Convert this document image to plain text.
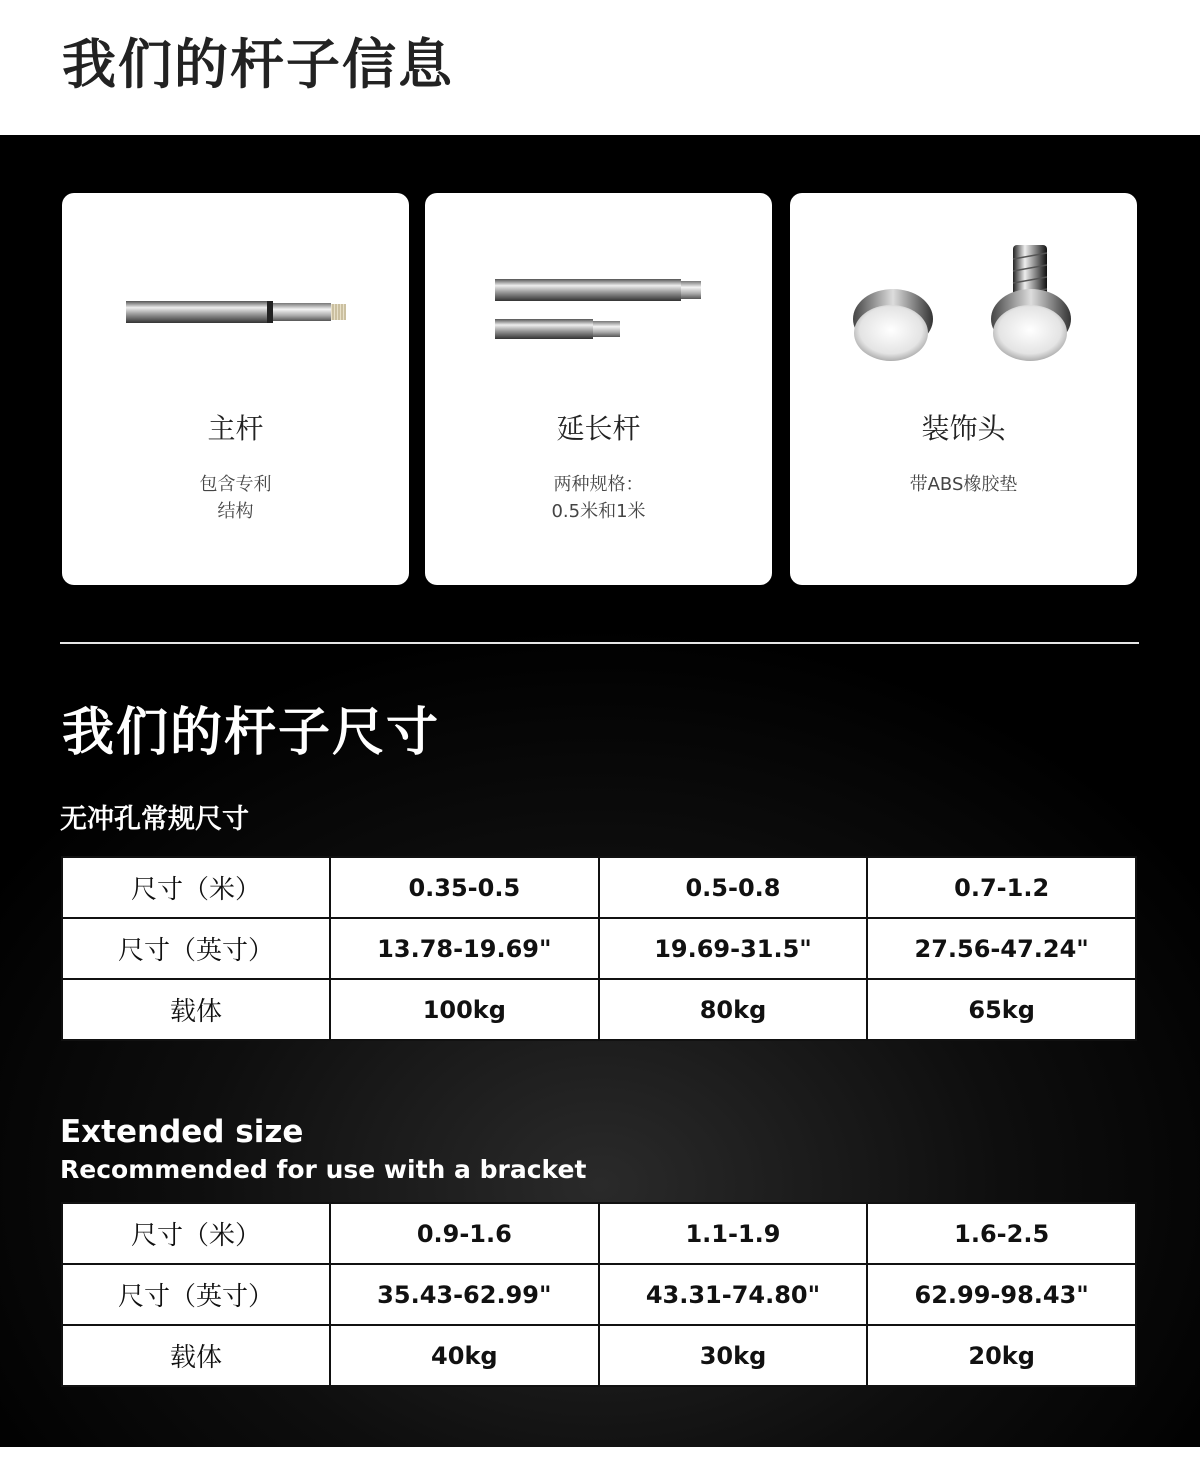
我们的杆子信息
主杆
包含专利
结构
延长杆
两种规格：
0.5米和1米
装饰头
带ABS橡胶垫
我们的杆子尺寸
无冲孔常规尺寸
尺寸（米）	0.35-0.5	0.5-0.8	0.7-1.2
尺寸（英寸）	13.78-19.69"	19.69-31.5"	27.56-47.24"
载体	100kg	80kg	65kg
Extended size
Recommended for use with a bracket
尺寸（米）	0.9-1.6	1.1-1.9	1.6-2.5
尺寸（英寸）	35.43-62.99"	43.31-74.80"	62.99-98.43"
载体	40kg	30kg	20kg
